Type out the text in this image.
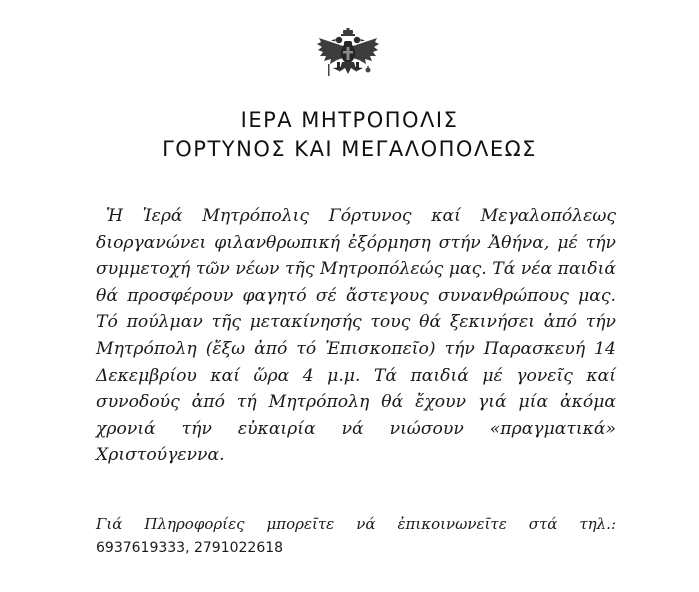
ΙΕΡΑ ΜΗΤΡΟΠΟΛΙΣ
ΓΟΡΤΥΝΟΣ ΚΑΙ ΜΕΓΑΛΟΠΟΛΕΩΣ
Ἡ Ἱερά Μητρόπολις Γόρτυνος καί Μεγαλοπόλεως διοργανώνει φιλανθρωπική ἐξόρμηση στήν Ἀθήνα, μέ τήν συμμετοχή τῶν νέων τῆς Μητροπόλεώς μας. Τά νέα παιδιά θά προσφέρουν φαγητό σέ ἄστεγους συνανθρώπους μας. Τό πούλμαν τῆς μετακίνησής τους θά ξεκινήσει ἀπό τήν Μητρόπολη (ἔξω ἀπό τό Ἐπισκοπεῖο) τήν Παρασκευή 14 Δεκεμβρίου καί ὥρα 4 μ.μ. Τά παιδιά μέ γονεῖς καί συνοδούς ἀπό τή Μητρόπολη θά ἔχουν γιά μία ἀκόμα χρονιά τήν εὐκαιρία νά νιώσουν «πραγματικά» Χριστούγεννα.
Γιά Πληροφορίες μπορεῖτε νά ἐπικοινωνεῖτε στά τηλ.:
6937619333, 2791022618
